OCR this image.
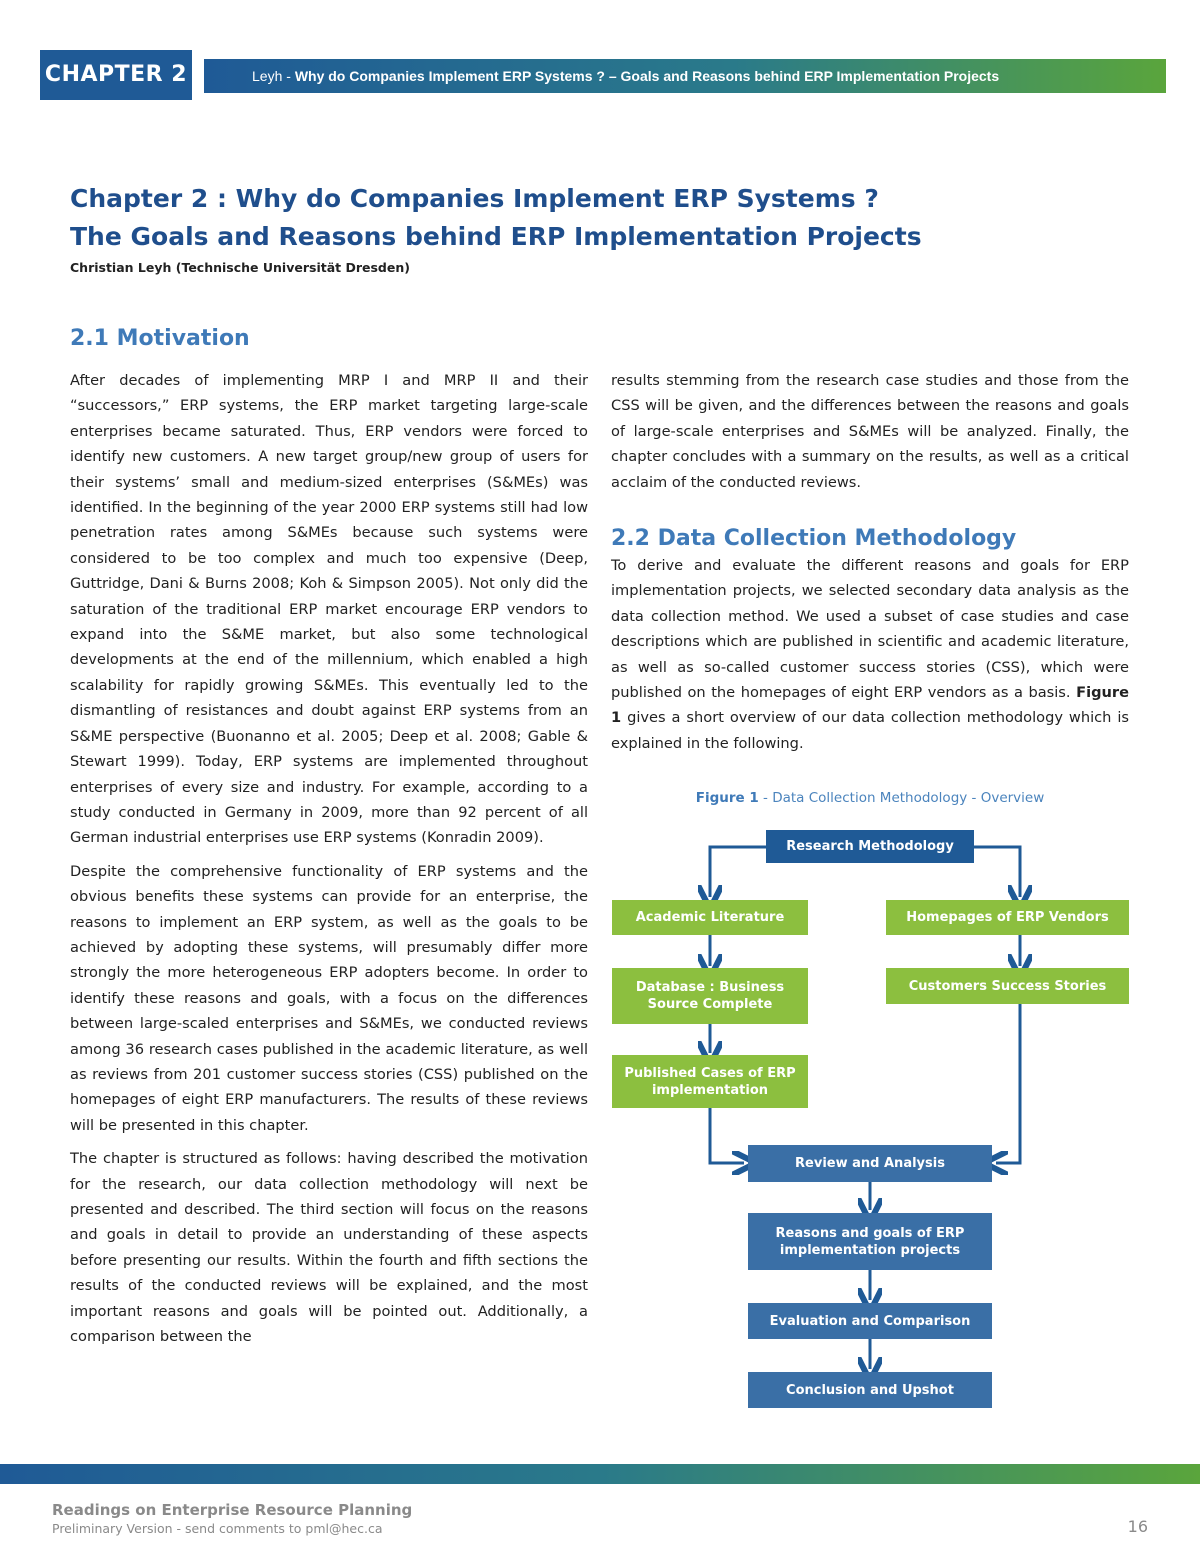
CHAPTER 2	Leyh - Why do Companies Implement ERP Systems ? – Goals and Reasons behind ERP Implementation Projects
Chapter 2 : Why do Companies Implement ERP Systems ?
The Goals and Reasons behind ERP Implementation Projects
Christian Leyh (Technische Universität Dresden)
2.1 Motivation
2.2 Data Collection Methodology

After decades of implementing MRP I and MRP II and their “successors,” ERP systems, the ERP market targeting large-scale enterprises became saturated. Thus, ERP vendors were forced to identify new customers. A new target group/new group of users for their systems’ small and medium-sized enterprises (S&MEs) was identified. In the beginning of the year 2000 ERP systems still had low penetration rates among S&MEs because such systems were considered to be too complex and much too expensive (Deep, Guttridge, Dani & Burns 2008; Koh & Simpson 2005). Not only did the saturation of the traditional ERP market encourage ERP vendors to expand into the S&ME market, but also some technological developments at the end of the millennium, which enabled a high scalability for rapidly growing S&MEs. This eventually led to the dismantling of resistances and doubt against ERP systems from an S&ME perspective (Buonanno et al. 2005; Deep et al. 2008; Gable & Stewart 1999). Today, ERP systems are implemented throughout enterprises of every size and industry. For example, according to a study conducted in Germany in 2009, more than 92 percent of all German industrial enterprises use ERP systems (Konradin 2009).

Despite the comprehensive functionality of ERP systems and the obvious benefits these systems can provide for an enterprise, the reasons to implement an ERP system, as well as the goals to be achieved by adopting these systems, will presumably differ more strongly the more heterogeneous ERP adopters become. In order to identify these reasons and goals, with a focus on the differences between large-scaled enterprises and S&MEs, we conducted reviews among 36 research cases published in the academic literature, as well as reviews from 201 customer success stories (CSS) published on the homepages of eight ERP manufacturers. The results of these reviews will be presented in this chapter.

The chapter is structured as follows: having described the motivation for the research, our data collection methodology will next be presented and described. The third section will focus on the reasons and goals in detail to provide an understanding of these aspects before presenting our results. Within the fourth and fifth sections the results of the conducted reviews will be explained, and the most important reasons and goals will be pointed out. Additionally, a comparison between the

results stemming from the research case studies and those from the CSS will be given, and the differences between the reasons and goals of large-scale enterprises and S&MEs will be analyzed. Finally, the chapter concludes with a summary on the results, as well as a critical acclaim of the conducted reviews.

To derive and evaluate the different reasons and goals for ERP implementation projects, we selected secondary data analysis as the data collection method. We used a subset of case studies and case descriptions which are published in scientific and academic literature, as well as so-called customer success stories (CSS), which were published on the homepages of eight ERP vendors as a basis. Figure 1 gives a short overview of our data collection methodology which is explained in the following.

Figure 1 - Data Collection Methodology - Overview
Research Methodology
Academic Literature	Homepages of ERP Vendors
Database : Business Source Complete
Customers Success Stories
Published Cases of ERP implementation
Review and Analysis
Reasons and goals of ERP implementation projects
Evaluation and Comparison
Conclusion and Upshot
Readings on Enterprise Resource Planning
Preliminary Version - send comments to pml@hec.ca	16
